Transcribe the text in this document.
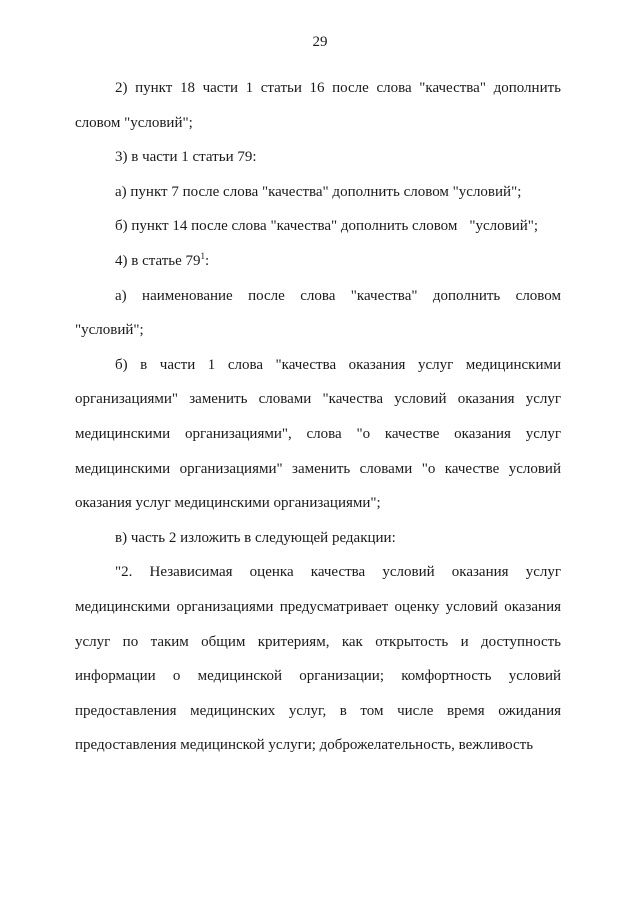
29

2) пункт 18 части 1 статьи 16 после слова "качества" дополнить словом "условий";

3) в части 1 статьи 79:

а) пункт 7 после слова "качества" дополнить словом "условий";

б) пункт 14 после слова "качества" дополнить словом "условий";

4) в статье $79^1$:

а) наименование после слова "качества" дополнить словом "условий";

б) в части 1 слова "качества оказания услуг медицинскими организациями" заменить словами "качества условий оказания услуг медицинскими организациями", слова "о качестве оказания услуг медицинскими организациями" заменить словами "о качестве условий оказания услуг медицинскими организациями";

в) часть 2 изложить в следующей редакции:

"2. Независимая оценка качества условий оказания услуг медицинскими организациями предусматривает оценку условий оказания услуг по таким общим критериям, как открытость и доступность информации о медицинской организации; комфортность условий предоставления медицинских услуг, в том числе время ожидания предоставления медицинской услуги; доброжелательность, вежливость
